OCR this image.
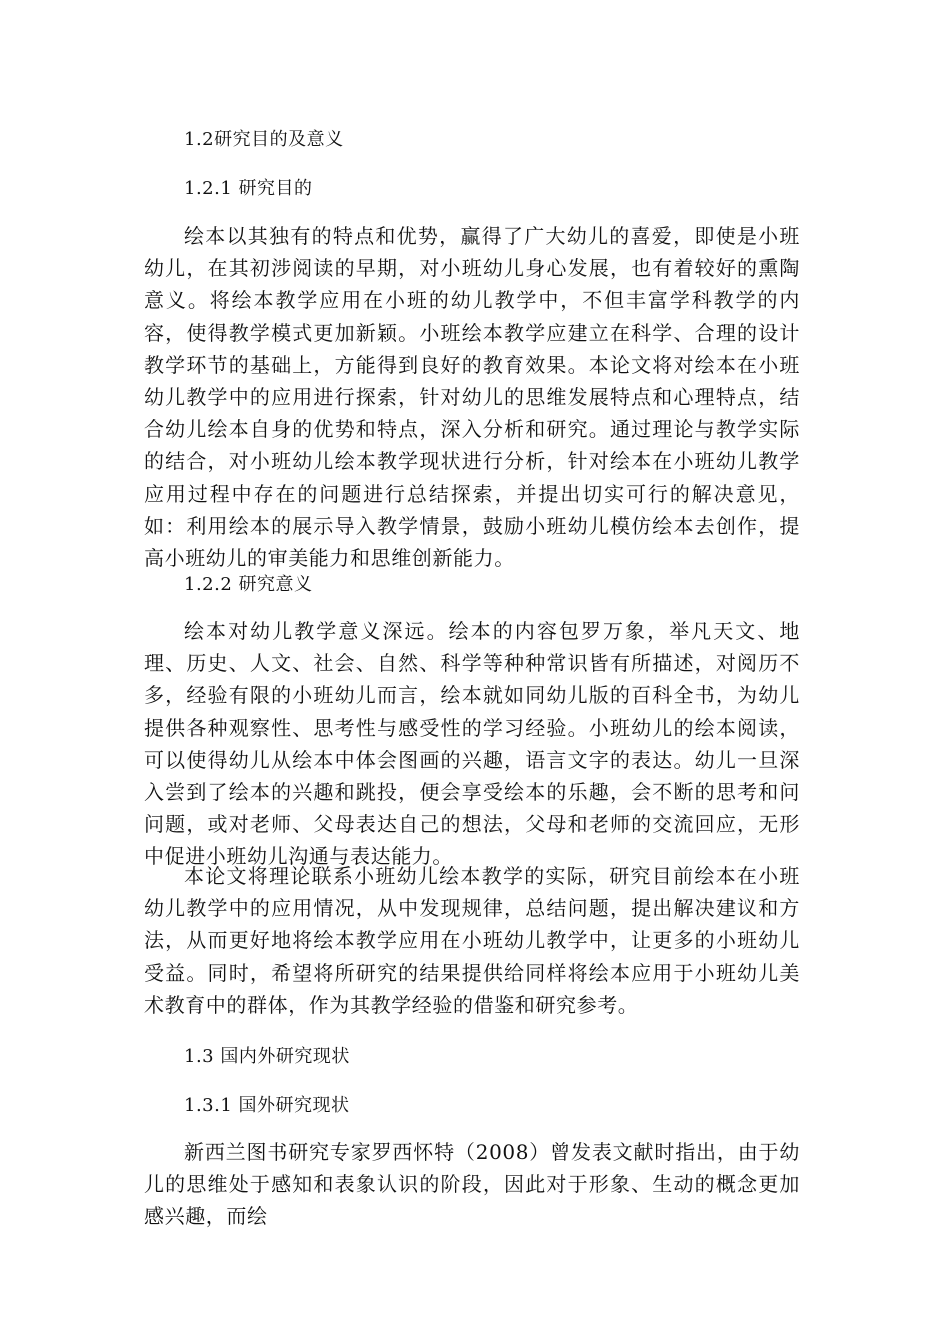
1.2研究目的及意义
1.2.1 研究目的

绘本以其独有的特点和优势，赢得了广大幼儿的喜爱，即使是小班幼儿，在其初涉阅读的早期，对小班幼儿身心发展，也有着较好的熏陶意义。将绘本教学应用在小班的幼儿教学中，不但丰富学科教学的内容，使得教学模式更加新颖。小班绘本教学应建立在科学、合理的设计教学环节的基础上，方能得到良好的教育效果。本论文将对绘本在小班幼儿教学中的应用进行探索，针对幼儿的思维发展特点和心理特点，结合幼儿绘本自身的优势和特点，深入分析和研究。通过理论与教学实际的结合，对小班幼儿绘本教学现状进行分析，针对绘本在小班幼儿教学应用过程中存在的问题进行总结探索，并提出切实可行的解决意见，如：利用绘本的展示导入教学情景，鼓励小班幼儿模仿绘本去创作，提高小班幼儿的审美能力和思维创新能力。

1.2.2 研究意义

绘本对幼儿教学意义深远。绘本的内容包罗万象，举凡天文、地理、历史、人文、社会、自然、科学等种种常识皆有所描述，对阅历不多，经验有限的小班幼儿而言，绘本就如同幼儿版的百科全书，为幼儿提供各种观察性、思考性与感受性的学习经验。小班幼儿的绘本阅读，可以使得幼儿从绘本中体会图画的兴趣，语言文字的表达。幼儿一旦深入尝到了绘本的兴趣和跳投，便会享受绘本的乐趣，会不断的思考和问问题，或对老师、父母表达自己的想法，父母和老师的交流回应，无形中促进小班幼儿沟通与表达能力。

本论文将理论联系小班幼儿绘本教学的实际，研究目前绘本在小班幼儿教学中的应用情况，从中发现规律，总结问题，提出解决建议和方法，从而更好地将绘本教学应用在小班幼儿教学中，让更多的小班幼儿受益。同时，希望将所研究的结果提供给同样将绘本应用于小班幼儿美术教育中的群体，作为其教学经验的借鉴和研究参考。

1.3 国内外研究现状
1.3.1 国外研究现状

新西兰图书研究专家罗西怀特（2008）曾发表文献时指出，由于幼儿的思维处于感知和表象认识的阶段，因此对于形象、生动的概念更加感兴趣，而绘
